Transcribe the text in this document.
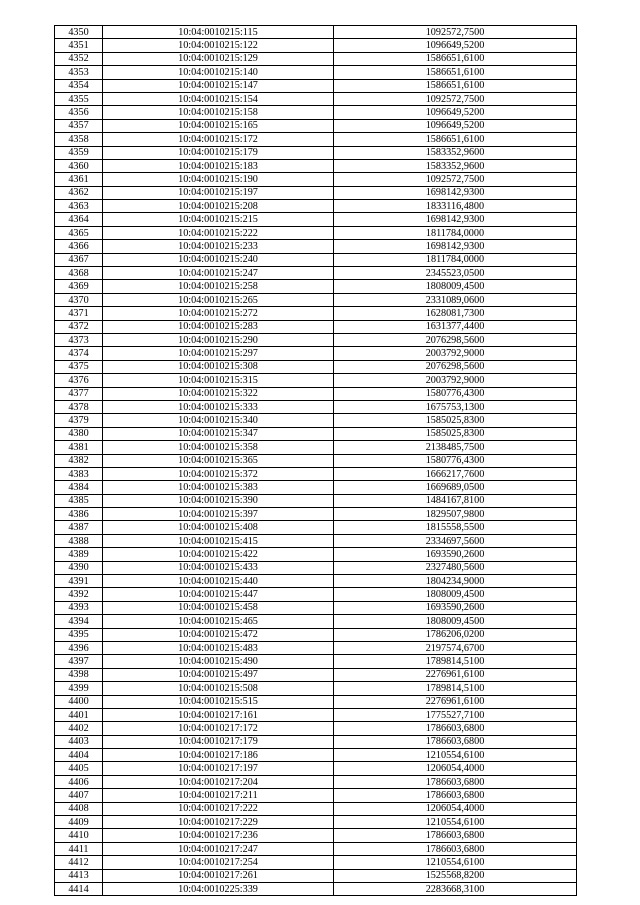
4350	10:04:0010215:115	1092572,7500
4351	10:04:0010215:122	1096649,5200
4352	10:04:0010215:129	1586651,6100
4353	10:04:0010215:140	1586651,6100
4354	10:04:0010215:147	1586651,6100
4355	10:04:0010215:154	1092572,7500
4356	10:04:0010215:158	1096649,5200
4357	10:04:0010215:165	1096649,5200
4358	10:04:0010215:172	1586651,6100
4359	10:04:0010215:179	1583352,9600
4360	10:04:0010215:183	1583352,9600
4361	10:04:0010215:190	1092572,7500
4362	10:04:0010215:197	1698142,9300
4363	10:04:0010215:208	1833116,4800
4364	10:04:0010215:215	1698142,9300
4365	10:04:0010215:222	1811784,0000
4366	10:04:0010215:233	1698142,9300
4367	10:04:0010215:240	1811784,0000
4368	10:04:0010215:247	2345523,0500
4369	10:04:0010215:258	1808009,4500
4370	10:04:0010215:265	2331089,0600
4371	10:04:0010215:272	1628081,7300
4372	10:04:0010215:283	1631377,4400
4373	10:04:0010215:290	2076298,5600
4374	10:04:0010215:297	2003792,9000
4375	10:04:0010215:308	2076298,5600
4376	10:04:0010215:315	2003792,9000
4377	10:04:0010215:322	1580776,4300
4378	10:04:0010215:333	1675753,1300
4379	10:04:0010215:340	1585025,8300
4380	10:04:0010215:347	1585025,8300
4381	10:04:0010215:358	2138485,7500
4382	10:04:0010215:365	1580776,4300
4383	10:04:0010215:372	1666217,7600
4384	10:04:0010215:383	1669689,0500
4385	10:04:0010215:390	1484167,8100
4386	10:04:0010215:397	1829507,9800
4387	10:04:0010215:408	1815558,5500
4388	10:04:0010215:415	2334697,5600
4389	10:04:0010215:422	1693590,2600
4390	10:04:0010215:433	2327480,5600
4391	10:04:0010215:440	1804234,9000
4392	10:04:0010215:447	1808009,4500
4393	10:04:0010215:458	1693590,2600
4394	10:04:0010215:465	1808009,4500
4395	10:04:0010215:472	1786206,0200
4396	10:04:0010215:483	2197574,6700
4397	10:04:0010215:490	1789814,5100
4398	10:04:0010215:497	2276961,6100
4399	10:04:0010215:508	1789814,5100
4400	10:04:0010215:515	2276961,6100
4401	10:04:0010217:161	1775527,7100
4402	10:04:0010217:172	1786603,6800
4403	10:04:0010217:179	1786603,6800
4404	10:04:0010217:186	1210554,6100
4405	10:04:0010217:197	1206054,4000
4406	10:04:0010217:204	1786603,6800
4407	10:04:0010217:211	1786603,6800
4408	10:04:0010217:222	1206054,4000
4409	10:04:0010217:229	1210554,6100
4410	10:04:0010217:236	1786603,6800
4411	10:04:0010217:247	1786603,6800
4412	10:04:0010217:254	1210554,6100
4413	10:04:0010217:261	1525568,8200
4414	10:04:0010225:339	2283668,3100
